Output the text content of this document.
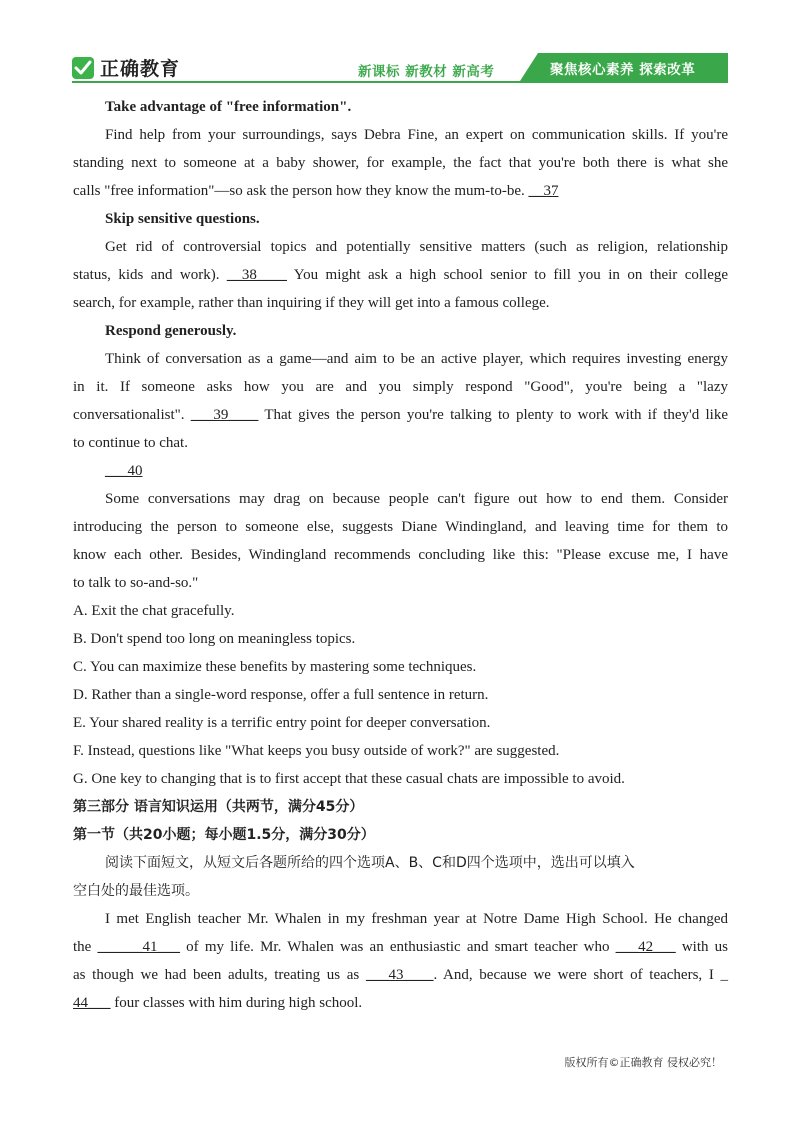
正确教育	新课标 新教材 新高考	聚焦核心素养 探索改革
Take advantage of "free information".
Find help from your surroundings, says Debra Fine, an expert on communication skills. If you're
standing next to someone at a baby shower, for example, the fact that you're both there is what she
calls "free information"—so ask the person how they know the mum-to-be. __37
Skip sensitive questions.
Get rid of controversial topics and potentially sensitive matters (such as religion, relationship
status, kids and work). __38____ You might ask a high school senior to fill you in on their college
search, for example, rather than inquiring if they will get into a famous college.
Respond generously.
Think of conversation as a game—and aim to be an active player, which requires investing energy
in it. If someone asks how you are and you simply respond "Good", you're being a "lazy
conversationalist". ___39____ That gives the person you're talking to plenty to work with if they'd like
to continue to chat.
___40
Some conversations may drag on because people can't figure out how to end them. Consider
introducing the person to someone else, suggests Diane Windingland, and leaving time for them to
know each other. Besides, Windingland recommends concluding like this: "Please excuse me, I have
to talk to so-and-so."
A. Exit the chat gracefully.
B. Don't spend too long on meaningless topics.
C. You can maximize these benefits by mastering some techniques.
D. Rather than a single-word response, offer a full sentence in return.
E. Your shared reality is a terrific entry point for deeper conversation.
F. Instead, questions like "What keeps you busy outside of work?" are suggested.
G. One key to changing that is to first accept that these casual chats are impossible to avoid.
第三部分 语言知识运用（共两节，满分45分）
第一节（共20小题；每小题1.5分，满分30分）
阅读下面短文，从短文后各题所给的四个选项A、B、C和D四个选项中，选出可以填入
空白处的最佳选项。
I met English teacher Mr. Whalen in my freshman year at Notre Dame High School. He changed
the ______41___ of my life. Mr. Whalen was an enthusiastic and smart teacher who ___42___ with us
as though we had been adults, treating us as ___43____. And, because we were short of teachers, I _
44___ four classes with him during high school.
版权所有©正确教育 侵权必究！
